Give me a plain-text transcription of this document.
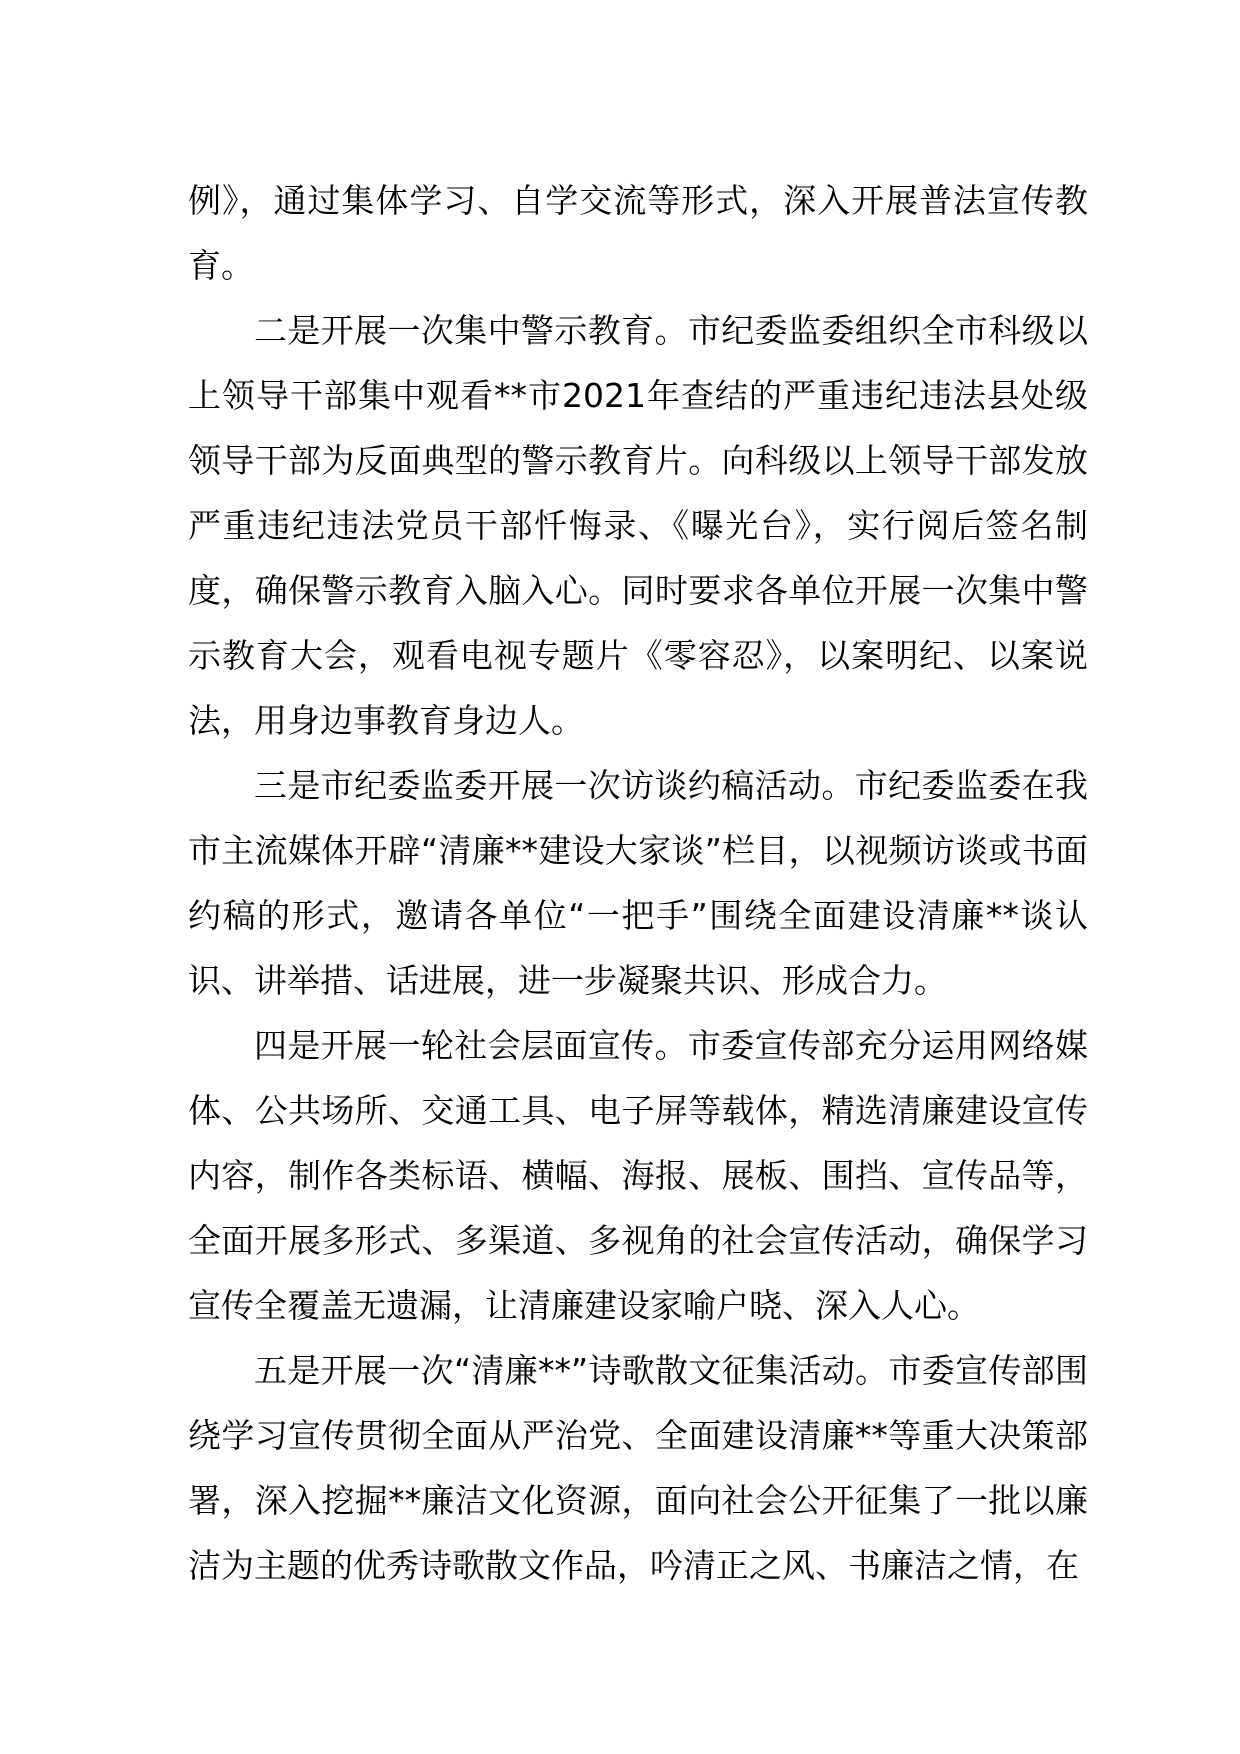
例》，通过集体学习、自学交流等形式，深入开展普法宣传教育。

二是开展一次集中警示教育。市纪委监委组织全市科级以上领导干部集中观看**市2021年查结的严重违纪违法县处级领导干部为反面典型的警示教育片。向科级以上领导干部发放严重违纪违法党员干部忏悔录、《曝光台》，实行阅后签名制度，确保警示教育入脑入心。同时要求各单位开展一次集中警示教育大会，观看电视专题片《零容忍》，以案明纪、以案说法，用身边事教育身边人。

三是市纪委监委开展一次访谈约稿活动。市纪委监委在我市主流媒体开辟“清廉**建设大家谈”栏目，以视频访谈或书面约稿的形式，邀请各单位“一把手”围绕全面建设清廉**谈认识、讲举措、话进展，进一步凝聚共识、形成合力。

四是开展一轮社会层面宣传。市委宣传部充分运用网络媒体、公共场所、交通工具、电子屏等载体，精选清廉建设宣传内容，制作各类标语、横幅、海报、展板、围挡、宣传品等，全面开展多形式、多渠道、多视角的社会宣传活动，确保学习宣传全覆盖无遗漏，让清廉建设家喻户晓、深入人心。

五是开展一次“清廉**”诗歌散文征集活动。市委宣传部围绕学习宣传贯彻全面从严治党、全面建设清廉**等重大决策部署，深入挖掘**廉洁文化资源，面向社会公开征集了一批以廉洁为主题的优秀诗歌散文作品，吟清正之风、书廉洁之情，在
